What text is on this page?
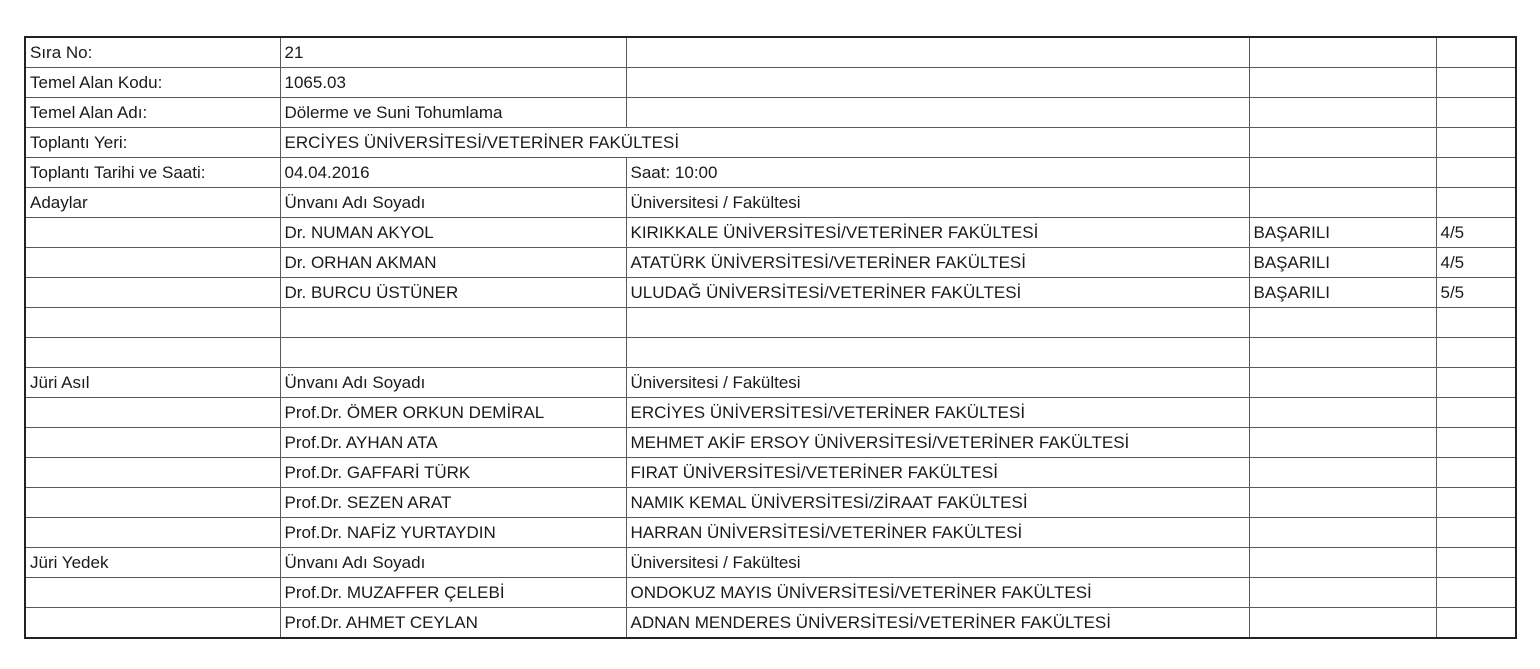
Sıra No:	21			
Temel Alan Kodu:	1065.03			
Temel Alan Adı:	Dölerme ve Suni Tohumlama			
Toplantı Yeri:	ERCİYES ÜNİVERSİTESİ/VETERİNER FAKÜLTESİ			
Toplantı Tarihi ve Saati:	04.04.2016	Saat: 10:00		
Adaylar	Ünvanı Adı Soyadı	Üniversitesi / Fakültesi		
	Dr. NUMAN AKYOL	KIRIKKALE ÜNİVERSİTESİ/VETERİNER FAKÜLTESİ	BAŞARILI	4/5
	Dr. ORHAN AKMAN	ATATÜRK ÜNİVERSİTESİ/VETERİNER FAKÜLTESİ	BAŞARILI	4/5
	Dr. BURCU ÜSTÜNER	ULUDAĞ ÜNİVERSİTESİ/VETERİNER FAKÜLTESİ	BAŞARILI	5/5

Jüri Asıl	Ünvanı Adı Soyadı	Üniversitesi / Fakültesi		
	Prof.Dr. ÖMER ORKUN DEMİRAL	ERCİYES ÜNİVERSİTESİ/VETERİNER FAKÜLTESİ		
	Prof.Dr. AYHAN ATA	MEHMET AKİF ERSOY ÜNİVERSİTESİ/VETERİNER FAKÜLTESİ		
	Prof.Dr. GAFFARİ TÜRK	FIRAT ÜNİVERSİTESİ/VETERİNER FAKÜLTESİ		
	Prof.Dr. SEZEN ARAT	NAMIK KEMAL ÜNİVERSİTESİ/ZİRAAT FAKÜLTESİ		
	Prof.Dr. NAFİZ YURTAYDIN	HARRAN ÜNİVERSİTESİ/VETERİNER FAKÜLTESİ		
Jüri Yedek	Ünvanı Adı Soyadı	Üniversitesi / Fakültesi		
	Prof.Dr. MUZAFFER ÇELEBİ	ONDOKUZ MAYIS ÜNİVERSİTESİ/VETERİNER FAKÜLTESİ		
	Prof.Dr. AHMET CEYLAN	ADNAN MENDERES ÜNİVERSİTESİ/VETERİNER FAKÜLTESİ		
